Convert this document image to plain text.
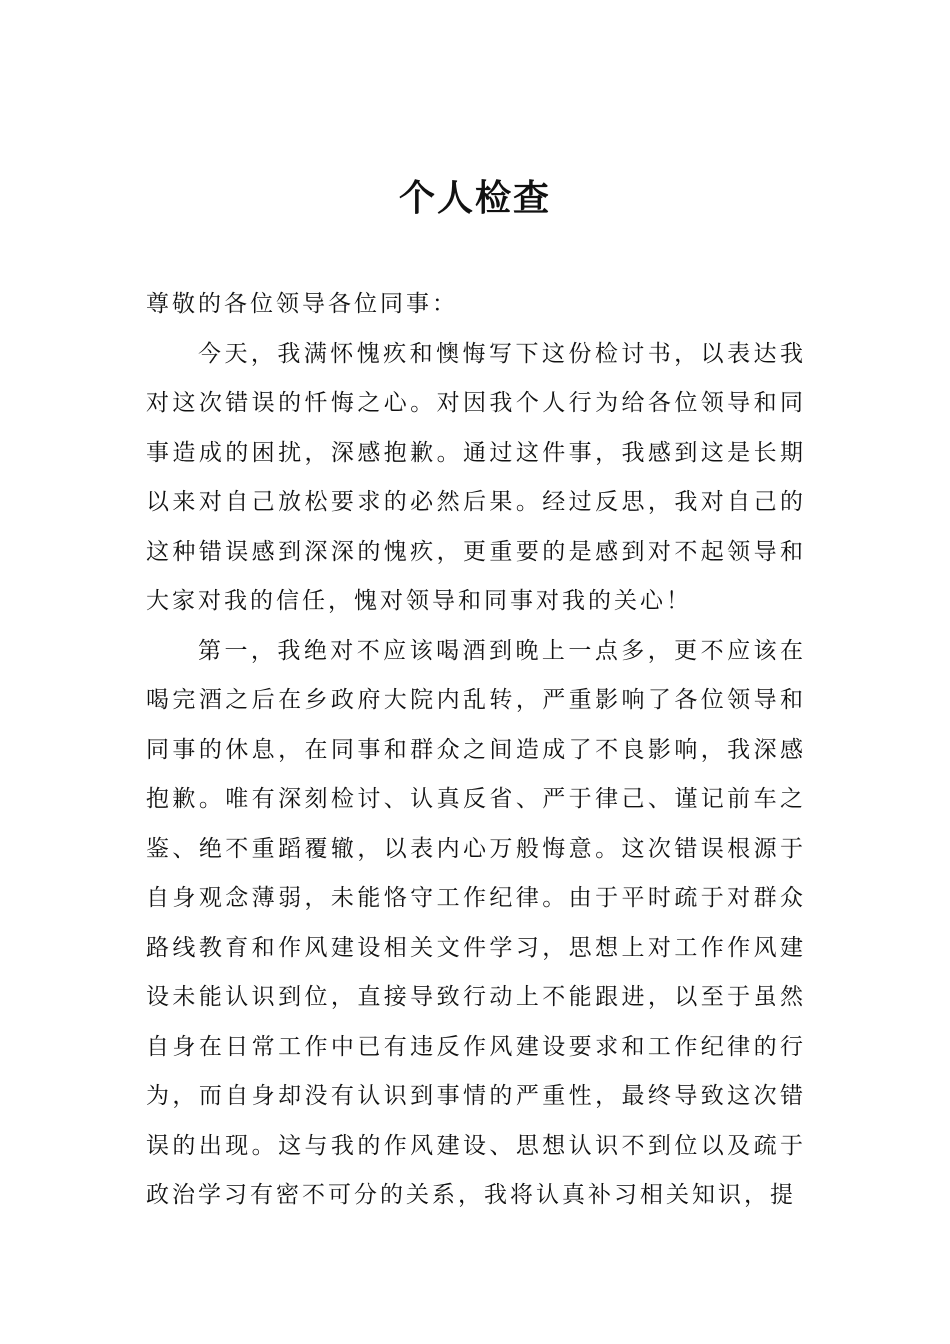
个人检查

尊敬的各位领导各位同事：

今天，我满怀愧疚和懊悔写下这份检讨书，以表达我对这次错误的忏悔之心。对因我个人行为给各位领导和同事造成的困扰，深感抱歉。通过这件事，我感到这是长期以来对自己放松要求的必然后果。经过反思，我对自己的这种错误感到深深的愧疚，更重要的是感到对不起领导和大家对我的信任，愧对领导和同事对我的关心！

第一，我绝对不应该喝酒到晚上一点多，更不应该在喝完酒之后在乡政府大院内乱转，严重影响了各位领导和同事的休息，在同事和群众之间造成了不良影响，我深感抱歉。唯有深刻检讨、认真反省、严于律己、谨记前车之鉴、绝不重蹈覆辙，以表内心万般悔意。这次错误根源于自身观念薄弱，未能恪守工作纪律。由于平时疏于对群众路线教育和作风建设相关文件学习，思想上对工作作风建设未能认识到位，直接导致行动上不能跟进，以至于虽然自身在日常工作中已有违反作风建设要求和工作纪律的行为，而自身却没有认识到事情的严重性，最终导致这次错误的出现。这与我的作风建设、思想认识不到位以及疏于政治学习有密不可分的关系，我将认真补习相关知识，提
